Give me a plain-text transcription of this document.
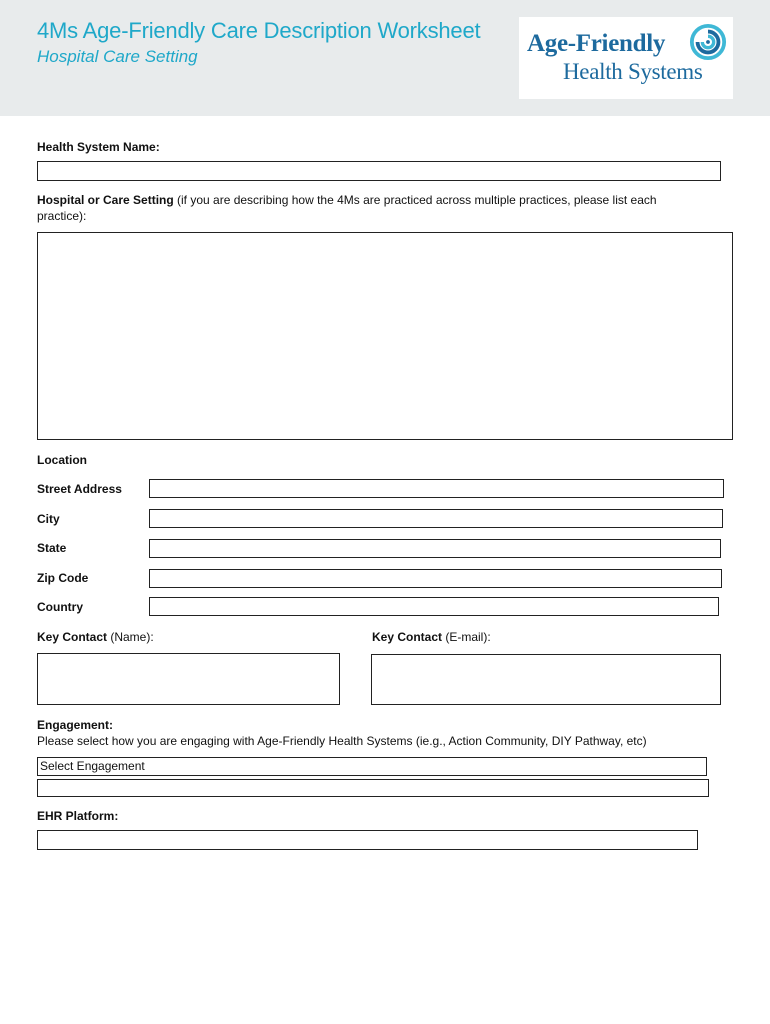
4Ms Age-Friendly Care Description Worksheet
Hospital Care Setting	Age-Friendly
Health Systems
Health System Name:
Hospital or Care Setting (if you are describing how the 4Ms are practiced across multiple practices, please list each
practice):
Location
Street Address
City
State
Zip Code
Country
Key Contact (Name):	Key Contact (E-mail):
Engagement:
Please select how you are engaging with Age-Friendly Health Systems (ie.g., Action Community, DIY Pathway, etc)
Select Engagement
EHR Platform:
